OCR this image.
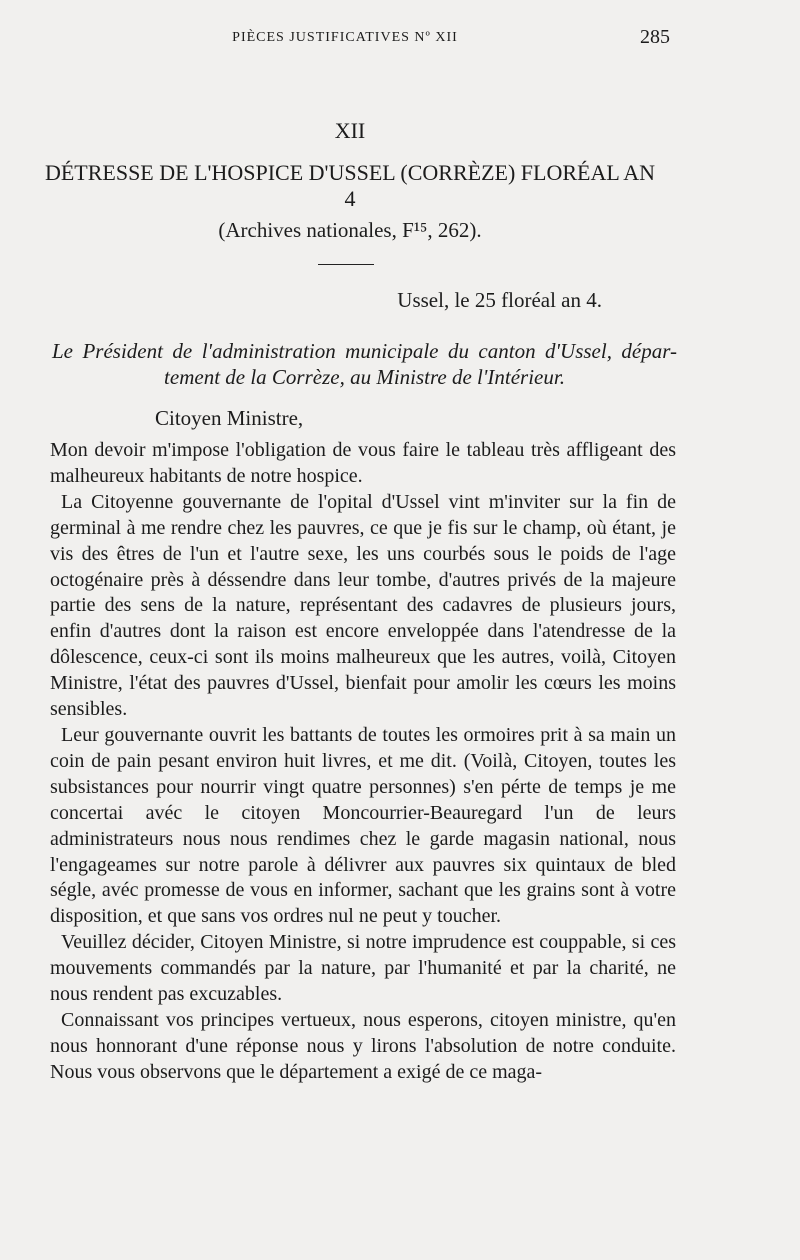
PIÈCES JUSTIFICATIVES Nº XII	285
XII
DÉTRESSE DE L'HOSPICE D'USSEL (CORRÈZE) FLORÉAL AN 4
(Archives nationales, F¹⁵, 262).
Ussel, le 25 floréal an 4.
Le Président de l'administration municipale du canton d'Ussel, dépar-
tement de la Corrèze, au Ministre de l'Intérieur.
Citoyen Ministre,

Mon devoir m'impose l'obligation de vous faire le tableau très affligeant des malheureux habitants de notre hospice.

La Citoyenne gouvernante de l'opital d'Ussel vint m'inviter sur la fin de germinal à me rendre chez les pauvres, ce que je fis sur le champ, où étant, je vis des êtres de l'un et l'autre sexe, les uns courbés sous le poids de l'age octogénaire près à déssendre dans leur tombe, d'autres privés de la majeure partie des sens de la nature, représentant des cadavres de plusieurs jours, enfin d'autres dont la raison est encore enveloppée dans l'atendresse de la dôlescence, ceux-ci sont ils moins malheureux que les autres, voilà, Citoyen Ministre, l'état des pauvres d'Ussel, bienfait pour amolir les cœurs les moins sensibles.

Leur gouvernante ouvrit les battants de toutes les ormoires prit à sa main un coin de pain pesant environ huit livres, et me dit. (Voilà, Citoyen, toutes les subsistances pour nourrir vingt quatre personnes) s'en pérte de temps je me concertai avéc le citoyen Moncourrier-Beauregard l'un de leurs administrateurs nous nous rendimes chez le garde magasin national, nous l'engageames sur notre parole à délivrer aux pauvres six quintaux de bled ségle, avéc promesse de vous en informer, sachant que les grains sont à votre disposition, et que sans vos ordres nul ne peut y toucher.

Veuillez décider, Citoyen Ministre, si notre imprudence est couppable, si ces mouvements commandés par la nature, par l'humanité et par la charité, ne nous rendent pas excuzables.

Connaissant vos principes vertueux, nous esperons, citoyen ministre, qu'en nous honnorant d'une réponse nous y lirons l'absolution de notre conduite. Nous vous observons que le département a exigé de ce maga-
